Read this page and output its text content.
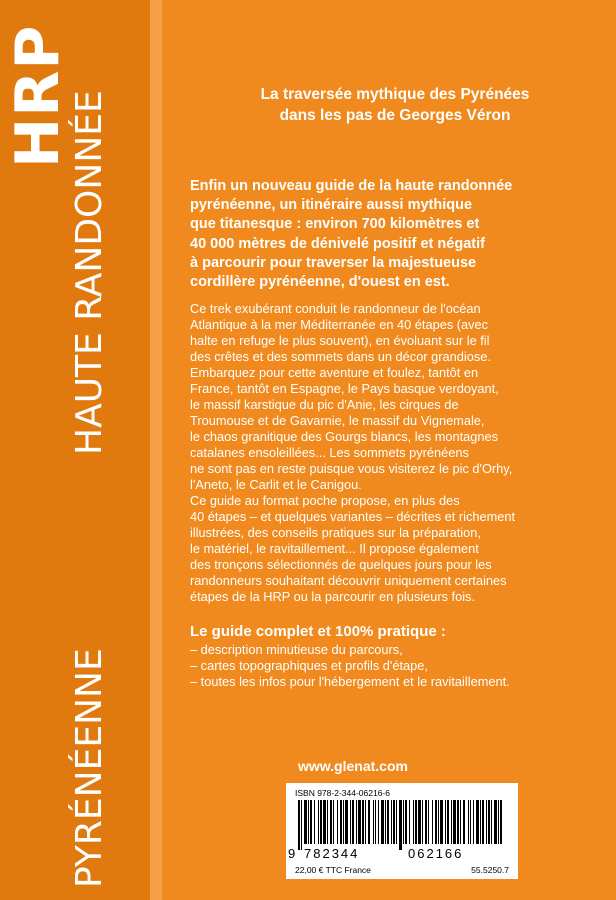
HRP
HAUTE RANDONNÉE
PYRÉNÉENNE
La traversée mythique des Pyrénées
dans les pas de Georges Véron
Enfin un nouveau guide de la haute randonnée
pyrénéenne, un itinéraire aussi mythique
que titanesque : environ 700 kilomètres et
40 000 mètres de dénivelé positif et négatif
à parcourir pour traverser la majestueuse
cordillère pyrénéenne, d'ouest en est.

Ce trek exubérant conduit le randonneur de l'océan

Atlantique à la mer Méditerranée en 40 étapes (avec

halte en refuge le plus souvent), en évoluant sur le fil

des crêtes et des sommets dans un décor grandiose.

Embarquez pour cette aventure et foulez, tantôt en

France, tantôt en Espagne, le Pays basque verdoyant,

le massif karstique du pic d'Anie, les cirques de

Troumouse et de Gavarnie, le massif du Vignemale,

le chaos granitique des Gourgs blancs, les montagnes

catalanes ensoleillées... Les sommets pyrénéens

ne sont pas en reste puisque vous visiterez le pic d'Orhy,

l'Aneto, le Carlit et le Canigou.

Ce guide au format poche propose, en plus des

40 étapes – et quelques variantes – décrites et richement

illustrées, des conseils pratiques sur la préparation,

le matériel, le ravitaillement... Il propose également

des tronçons sélectionnés de quelques jours pour les

randonneurs souhaitant découvrir uniquement certaines

étapes de la HRP ou la parcourir en plusieurs fois.

Le guide complet et 100% pratique :
– description minutieuse du parcours,
– cartes topographiques et profils d'étape,
– toutes les infos pour l'hébergement et le ravitaillement.
www.glenat.com
ISBN 978-2-344-06216-6
9 782344	062166
22,00 € TTC France	55.5250.7
